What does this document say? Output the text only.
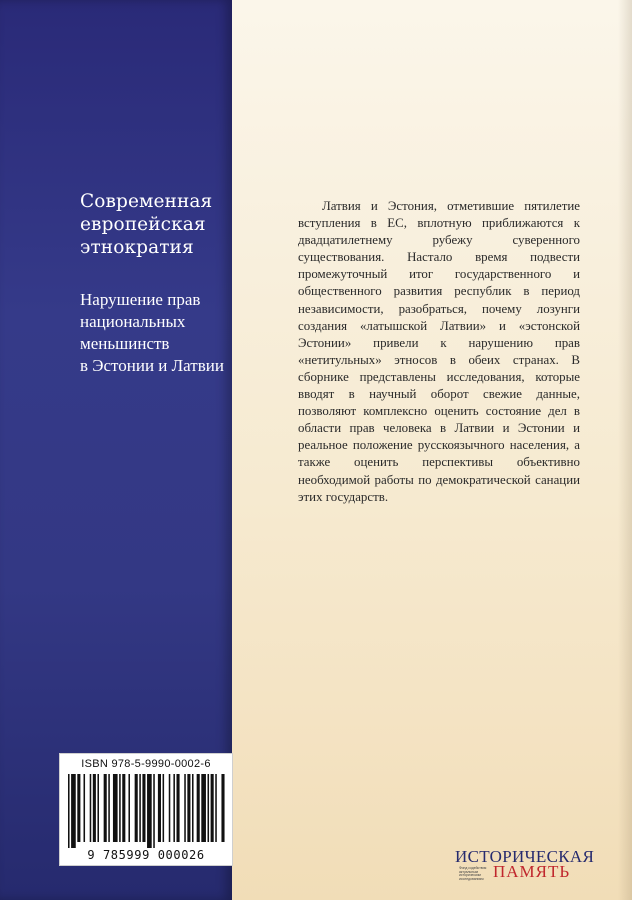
Современная
европейская
этнократия
Нарушение прав
национальных
меньшинств
в Эстонии и Латвии
Латвия и Эстония, отметившие пятилетие вступления в ЕС, вплотную приближаются к двадцатилетнему рубежу суверенного существования. Настало время подвести промежуточный итог государственного и общественного развития республик в период независимости, разобраться, почему лозунги создания «латышской Латвии» и «эстонской Эстонии» привели к нарушению прав «нетитульных» этносов в обеих странах. В сборнике представлены исследования, которые вводят в научный оборот свежие данные, позволяют комплексно оценить состояние дел в области прав человека в Латвии и Эстонии и реальное положение русскоязычного населения, а также оценить перспективы объективно необходимой работы по демократической санации этих государств.
ISBN 978-5-9990-0002-6
9 785999 000026	ИСТОРИЧЕСКАЯ
Фонд содействия
актуальным
историческим
исследованиям ПАМЯТЬ
